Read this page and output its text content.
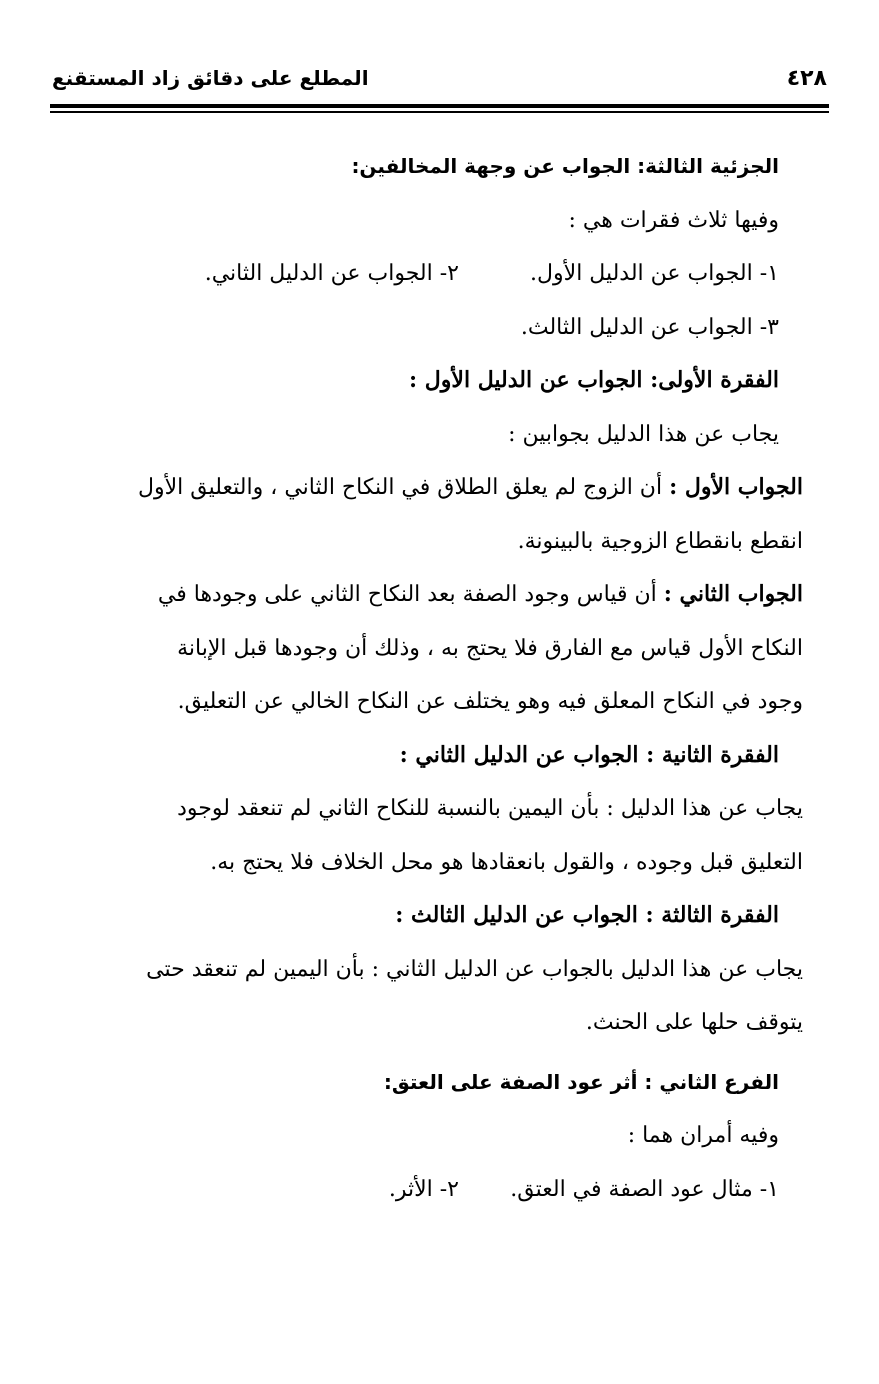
٤٢٨
المطلع على دقائق زاد المستقنع
الجزئية الثالثة: الجواب عن وجهة المخالفين:
وفيها ثلاث فقرات هي :
١- الجواب عن الدليل الأول.
٢- الجواب عن الدليل الثاني.
٣- الجواب عن الدليل الثالث.
الفقرة الأولى: الجواب عن الدليل الأول :
يجاب عن هذا الدليل بجوابين :
الجواب الأول : أن الزوج لم يعلق الطلاق في النكاح الثاني ، والتعليق الأول
انقطع بانقطاع الزوجية بالبينونة.
الجواب الثاني : أن قياس وجود الصفة بعد النكاح الثاني على وجودها في
النكاح الأول قياس مع الفارق فلا يحتج به ، وذلك أن وجودها قبل الإبانة
وجود في النكاح المعلق فيه وهو يختلف عن النكاح الخالي عن التعليق.
الفقرة الثانية : الجواب عن الدليل الثاني :
يجاب عن هذا الدليل : بأن اليمين بالنسبة للنكاح الثاني لم تنعقد لوجود
التعليق قبل وجوده ، والقول بانعقادها هو محل الخلاف فلا يحتج به.
الفقرة الثالثة : الجواب عن الدليل الثالث :
يجاب عن هذا الدليل بالجواب عن الدليل الثاني : بأن اليمين لم تنعقد حتى
يتوقف حلها على الحنث.
الفرع الثاني : أثر عود الصفة على العتق:
وفيه أمران هما :
١- مثال عود الصفة في العتق.
٢- الأثر.
